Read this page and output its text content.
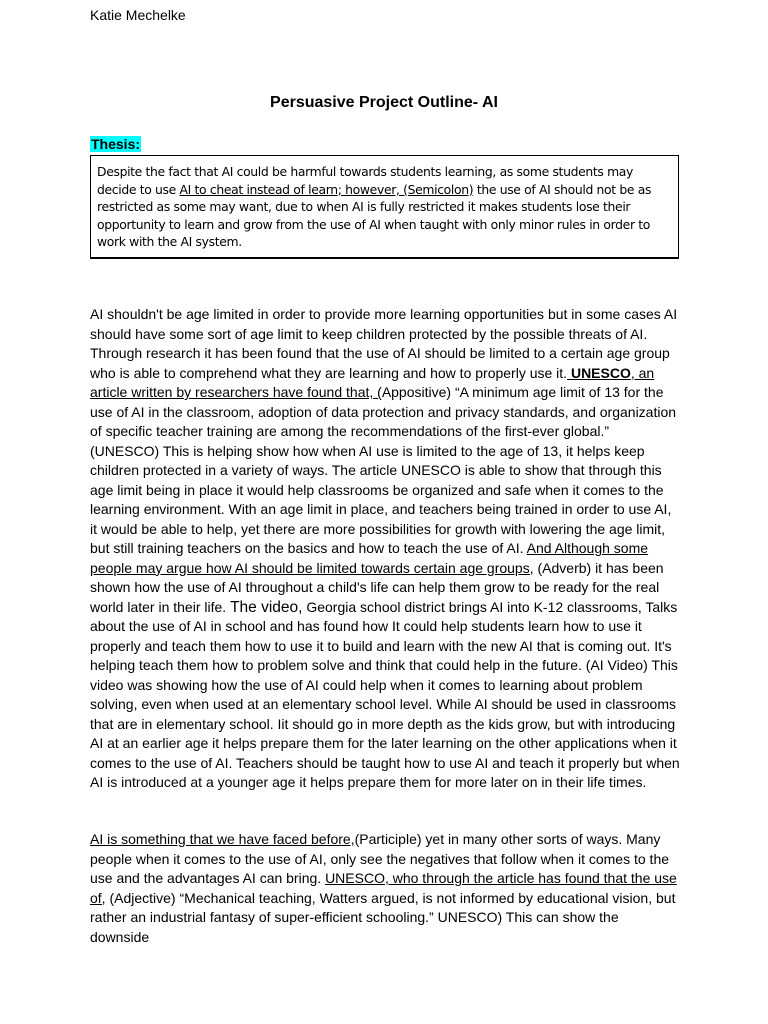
Katie Mechelke
Persuasive Project Outline- AI
Thesis:
Despite the fact that AI could be harmful towards students learning, as some students may decide to use AI to cheat instead of learn; however, (Semicolon) the use of AI should not be as restricted as some may want, due to when AI is fully restricted it makes students lose their opportunity to learn and grow from the use of AI when taught with only minor rules in order to work with the AI system.
AI shouldn't be age limited in order to provide more learning opportunities but in some cases AI should have some sort of age limit to keep children protected by the possible threats of AI. Through research it has been found that the use of AI should be limited to a certain age group who is able to comprehend what they are learning and how to properly use it. UNESCO, an article written by researchers have found that, (Appositive) “A minimum age limit of 13 for the use of AI in the classroom, adoption of data protection and privacy standards, and organization of specific teacher training are among the recommendations of the first-ever global.” (UNESCO) This is helping show how when AI use is limited to the age of 13, it helps keep children protected in a variety of ways. The article UNESCO is able to show that through this age limit being in place it would help classrooms be organized and safe when it comes to the learning environment. With an age limit in place, and teachers being trained in order to use AI, it would be able to help, yet there are more possibilities for growth with lowering the age limit, but still training teachers on the basics and how to teach the use of AI. And Although some people may argue how AI should be limited towards certain age groups, (Adverb) it has been shown how the use of AI throughout a child's life can help them grow to be ready for the real world later in their life. The video, Georgia school district brings AI into K-12 classrooms, Talks about the use of AI in school and has found how It could help students learn how to use it properly and teach them how to use it to build and learn with the new AI that is coming out. It's helping teach them how to problem solve and think that could help in the future. (AI Video) This video was showing how the use of AI could help when it comes to learning about problem solving, even when used at an elementary school level. While AI should be used in classrooms that are in elementary school. Iit should go in more depth as the kids grow, but with introducing AI at an earlier age it helps prepare them for the later learning on the other applications when it comes to the use of AI. Teachers should be taught how to use AI and teach it properly but when AI is introduced at a younger age it helps prepare them for more later on in their life times.
AI is something that we have faced before,(Participle) yet in many other sorts of ways. Many people when it comes to the use of AI, only see the negatives that follow when it comes to the use and the advantages AI can bring. UNESCO, who through the article has found that the use of, (Adjective) “Mechanical teaching, Watters argued, is not informed by educational vision, but rather an industrial fantasy of super-efficient schooling.” UNESCO) This can show the downside
